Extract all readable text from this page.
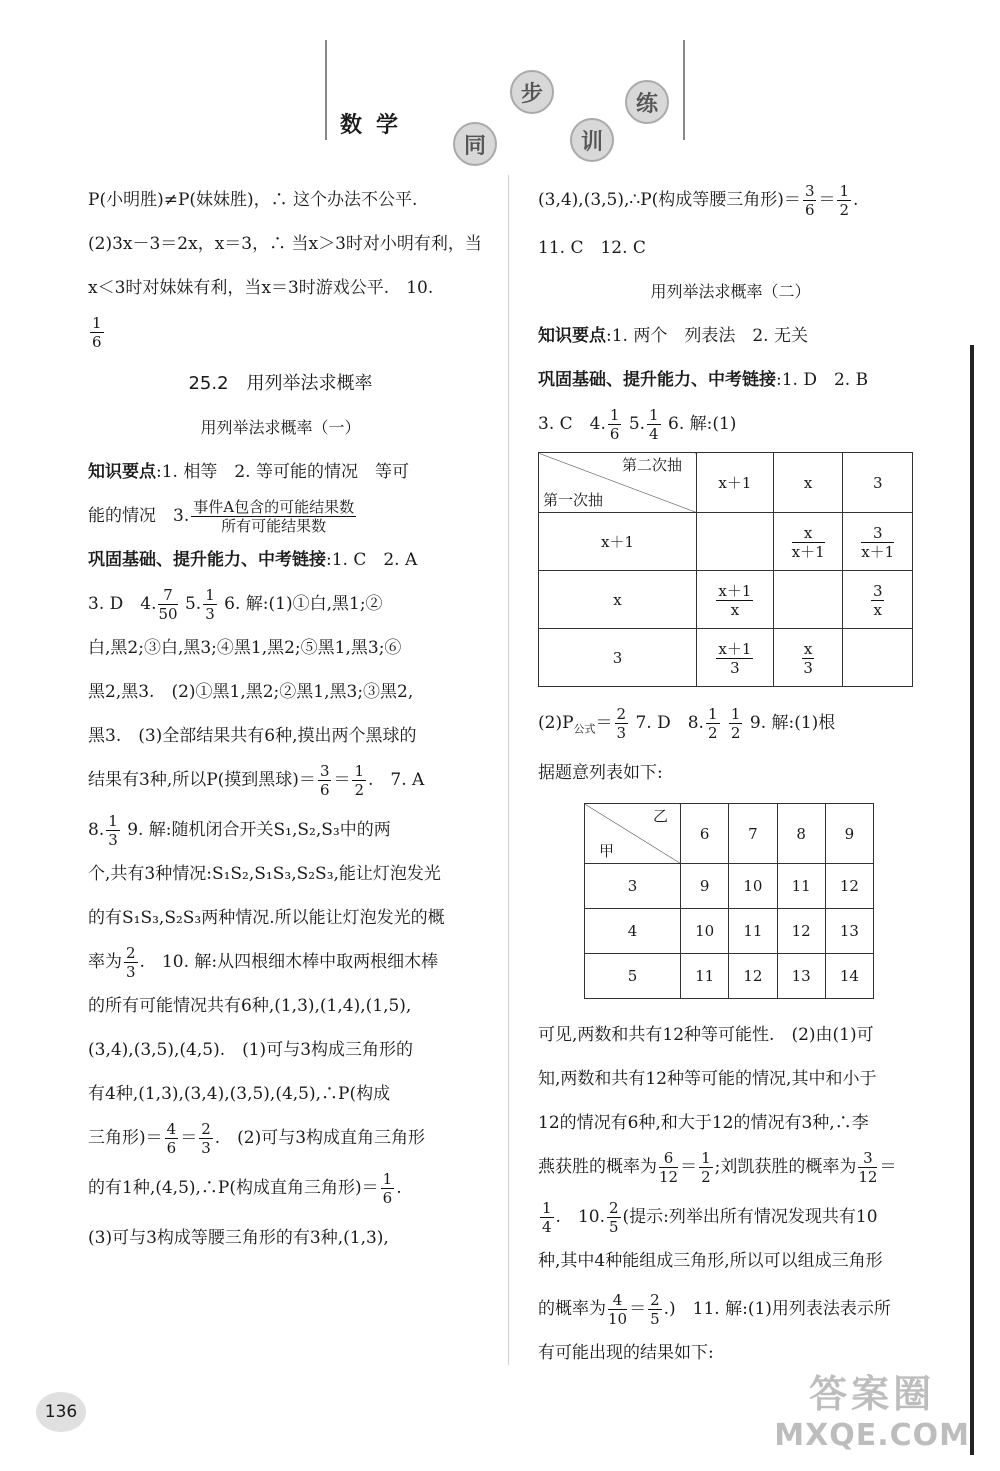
数学
同
步
训
练
P(小明胜)≠P(妹妹胜)，∴ 这个办法不公平.
(2)3x－3＝2x，x＝3，∴ 当x＞3时对小明有利，当
x＜3时对妹妹有利，当x＝3时游戏公平.　10.
$\frac{1}{6}$
25.2　用列举法求概率
用列举法求概率（一）
知识要点:1. 相等　2. 等可能的情况　等可
能的情况　3. $\frac{\text{事件A包含的可能结果数}}{\text{所有可能结果数}}$
巩固基础、提升能力、中考链接:1. C　2. A
3. D　4. $\frac{7}{50} 5$. $\frac{1}{3} 6$. 解:(1)①白,黑1;②
白,黑2;③白,黑3;④黑1,黑2;⑤黑1,黑3;⑥
黑2,黑3.　(2)①黑1,黑2;②黑1,黑3;③黑2,
黑3.　(3)全部结果共有6种,摸出两个黑球的
结果有3种,所以P(摸到黑球)＝ $\frac{3}{6} = \frac{1}{2}$ .　7. A
8. $\frac{1}{3} 9$. 解:随机闭合开关S₁,S₂,S₃中的两
个,共有3种情况:S₁S₂,S₁S₃,S₂S₃,能让灯泡发光
的有S₁S₃,S₂S₃两种情况.所以能让灯泡发光的概
率为 $\frac{2}{3}$ .　10. 解:从四根细木棒中取两根细木棒
的所有可能情况共有6种,(1,3),(1,4),(1,5),
(3,4),(3,5),(4,5).　(1)可与3构成三角形的
有4种,(1,3),(3,4),(3,5),(4,5),∴P(构成
三角形)＝ $\frac{4}{6} = \frac{2}{3}$ .　(2)可与3构成直角三角形
的有1种,(4,5),∴P(构成直角三角形)＝ $\frac{1}{6}$ .
(3)可与3构成等腰三角形的有3种,(1,3),
(3,4),(3,5),∴P(构成等腰三角形)＝ $\frac{3}{6} = \frac{1}{2}$ .
11. C　12. C
用列举法求概率（二）
知识要点:1. 两个　列表法　2. 无关
巩固基础、提升能力、中考链接:1. D　2. B
3. C　4. $\frac{1}{6} 5$. $\frac{1}{4} 6$. 解:(1)
第二次抽
第一次抽	x＋1	x	3
x＋1		$\frac{x}{x+1}$	$\frac{3}{x+1}$

x	$\frac{x+1}{x}$		$\frac{3}{x}$

3	$\frac{x+1}{3}$	$\frac{x}{3}$

$(2)P_{公式}= \frac{2}{3} 7$. D　8. $\frac{1}{2}$
$\frac{1}{2} 9$. 解:(1)根
据题意列表如下:
乙
甲	6	7	8	9
3	9	10	11	12
4	10	11	12	13
5	11	12	13	14
可见,两数和共有12种等可能性.　(2)由(1)可
知,两数和共有12种等可能的情况,其中和小于
12的情况有6种,和大于12的情况有3种,∴李
燕获胜的概率为 $\frac{6}{12} = \frac{1}{2}$ ;刘凯获胜的概率为 $\frac{3}{12}$ ＝
$\frac{1}{4}$ .　10. $\frac{2}{5}$ (提示:列举出所有情况发现共有10
种,其中4种能组成三角形,所以可以组成三角形
的概率为 $\frac{4}{10} = \frac{2}{5}$ .)　11. 解:(1)用列表法表示所
有可能出现的结果如下:
136	答案圈
MXQE.COM
